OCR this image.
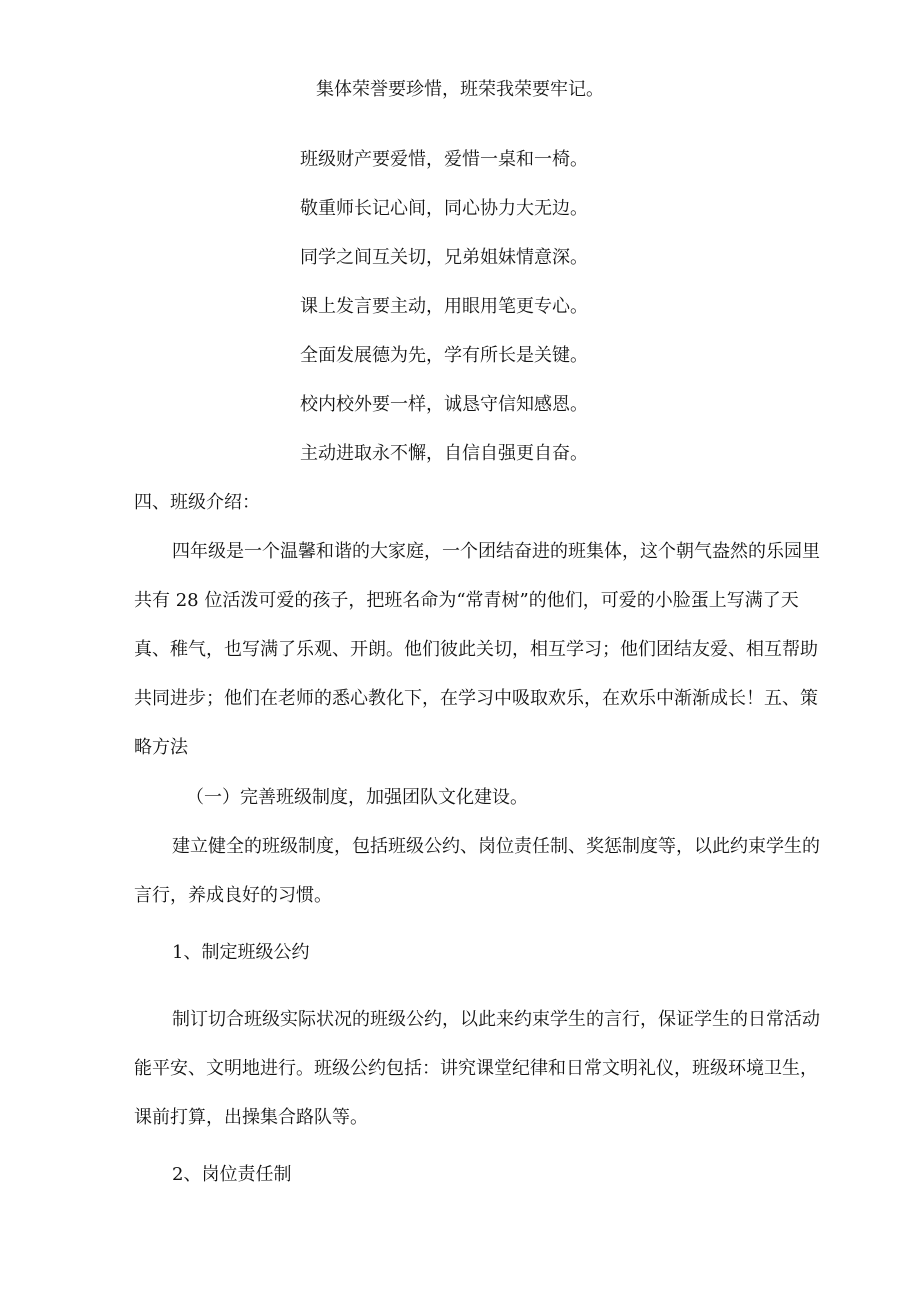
集体荣誉要珍惜，班荣我荣要牢记。

班级财产要爱惜，爱惜一桌和一椅。

敬重师长记心间，同心协力大无边。

同学之间互关切，兄弟姐妹情意深。

课上发言要主动，用眼用笔更专心。

全面发展德为先，学有所长是关键。

校内校外要一样，诚恳守信知感恩。

主动进取永不懈，自信自强更自奋。

四、班级介绍：

四年级是一个温馨和谐的大家庭，一个团结奋进的班集体，这个朝气盎然的乐园里

共有 28 位活泼可爱的孩子，把班名命为“常青树”的他们，可爱的小脸蛋上写满了天

真、稚气，也写满了乐观、开朗。他们彼此关切，相互学习；他们团结友爱、相互帮助

共同进步；他们在老师的悉心教化下，在学习中吸取欢乐，在欢乐中渐渐成长！五、策

略方法

（一）完善班级制度，加强团队文化建设。

建立健全的班级制度，包括班级公约、岗位责任制、奖惩制度等，以此约束学生的

言行，养成良好的习惯。

1、制定班级公约

制订切合班级实际状况的班级公约，以此来约束学生的言行，保证学生的日常活动

能平安、文明地进行。班级公约包括：讲究课堂纪律和日常文明礼仪，班级环境卫生，

课前打算，出操集合路队等。

2、岗位责任制
